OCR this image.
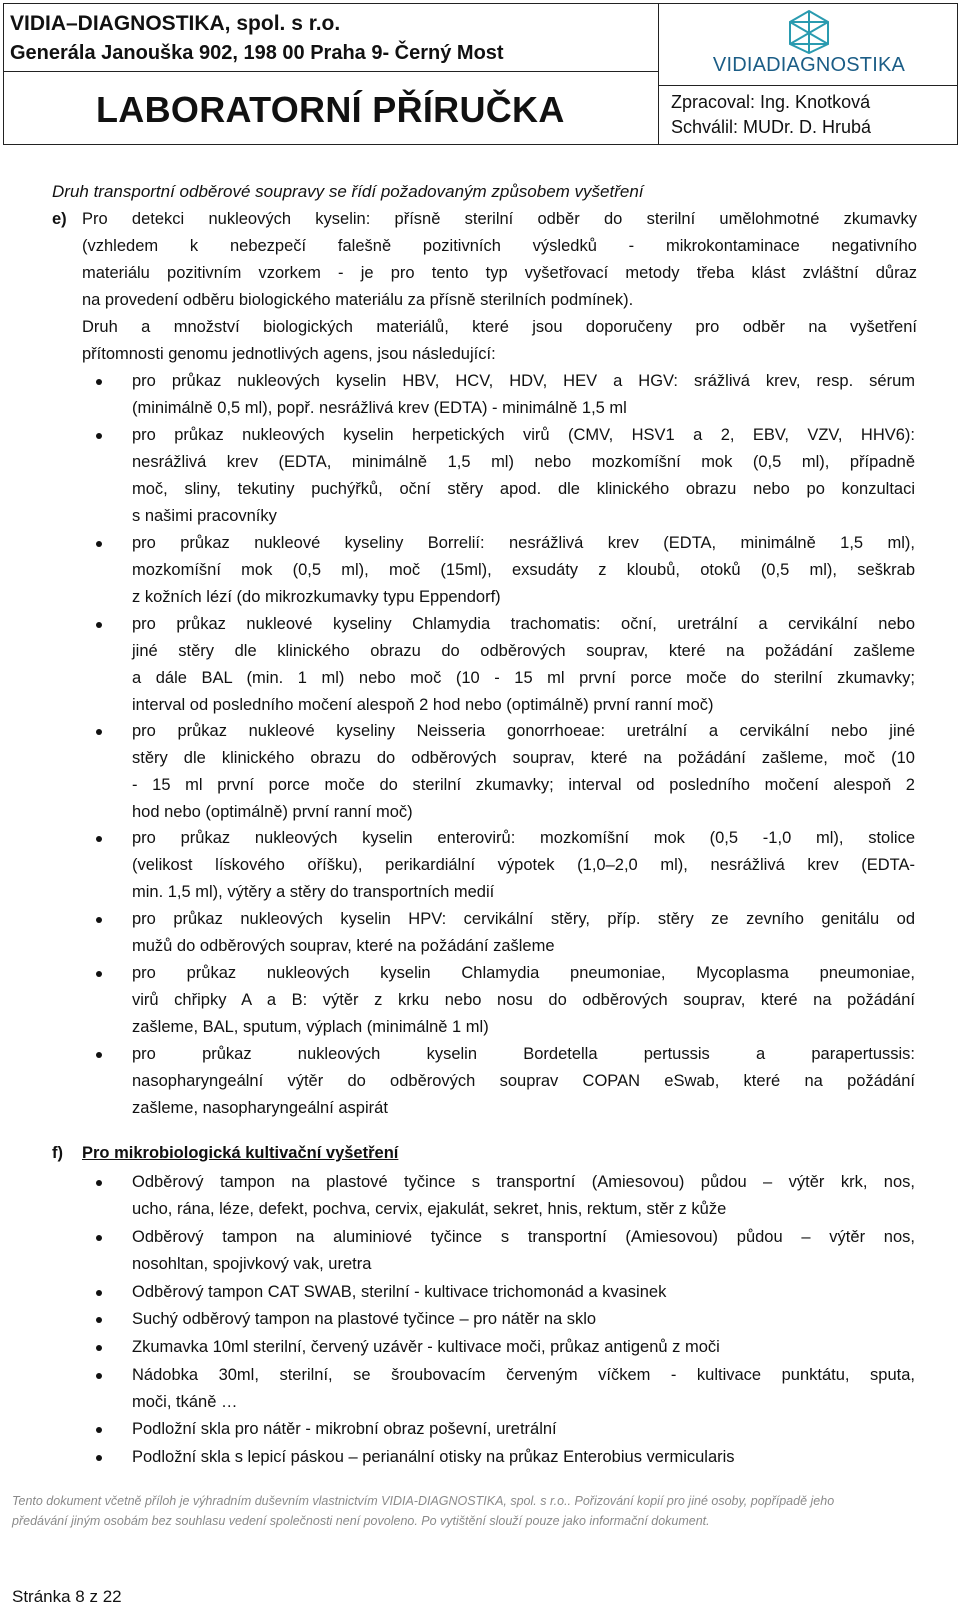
VIDIA–DIAGNOSTIKA, spol. s r.o.
Generála Janouška 902, 198 00 Praha 9- Černý Most
LABORATORNÍ PŘÍRUČKA
VIDIADIAGNOSTIKA
Zpracoval: Ing. Knotková
Schválil: MUDr. D. Hrubá
Druh transportní odběrové soupravy se řídí požadovaným způsobem vyšetření
e) Pro detekci nukleových kyselin: přísně sterilní odběr do sterilní umělohmotné zkumavky
(vzhledem k nebezpečí falešně pozitivních výsledků - mikrokontaminace negativního
materiálu pozitivním vzorkem - je pro tento typ vyšetřovací metody třeba klást zvláštní důraz
na provedení odběru biologického materiálu za přísně sterilních podmínek).
Druh a množství biologických materiálů, které jsou doporučeny pro odběr na vyšetření
přítomnosti genomu jednotlivých agens, jsou následující:
pro průkaz nukleových kyselin HBV, HCV, HDV, HEV a HGV: srážlivá krev, resp. sérum
(minimálně 0,5 ml), popř. nesrážlivá krev (EDTA) - minimálně 1,5 ml
pro průkaz nukleových kyselin herpetických virů (CMV, HSV1 a 2, EBV, VZV, HHV6):
nesrážlivá krev (EDTA, minimálně 1,5 ml) nebo mozkomíšní mok (0,5 ml), případně
moč, sliny, tekutiny puchýřků, oční stěry apod. dle klinického obrazu nebo po konzultaci
s našimi pracovníky
pro průkaz nukleové kyseliny Borrelií: nesrážlivá krev (EDTA, minimálně 1,5 ml),
mozkomíšní mok (0,5 ml), moč (15ml), exsudáty z kloubů, otoků (0,5 ml), seškrab
z kožních lézí (do mikrozkumavky typu Eppendorf)
pro průkaz nukleové kyseliny Chlamydia trachomatis: oční, uretrální a cervikální nebo
jiné stěry dle klinického obrazu do odběrových souprav, které na požádání zašleme
a dále BAL (min. 1 ml) nebo moč (10 - 15 ml první porce moče do sterilní zkumavky;
interval od posledního močení alespoň 2 hod nebo (optimálně) první ranní moč)
pro průkaz nukleové kyseliny Neisseria gonorrhoeae: uretrální a cervikální nebo jiné
stěry dle klinického obrazu do odběrových souprav, které na požádání zašleme, moč (10
- 15 ml první porce moče do sterilní zkumavky; interval od posledního močení alespoň 2
hod nebo (optimálně) první ranní moč)
pro průkaz nukleových kyselin enterovirů: mozkomíšní mok (0,5 -1,0 ml), stolice
(velikost lískového oříšku), perikardiální výpotek (1,0–2,0 ml), nesrážlivá krev (EDTA-
min. 1,5 ml), výtěry a stěry do transportních medií
pro průkaz nukleových kyselin HPV: cervikální stěry, příp. stěry ze zevního genitálu od
mužů do odběrových souprav, které na požádání zašleme
pro průkaz nukleových kyselin Chlamydia pneumoniae, Mycoplasma pneumoniae,
virů chřipky A a B: výtěr z krku nebo nosu do odběrových souprav, které na požádání
zašleme, BAL, sputum, výplach (minimálně 1 ml)
pro průkaz nukleových kyselin Bordetella pertussis a parapertussis:
nasopharyngeální výtěr do odběrových souprav COPAN eSwab, které na požádání
zašleme, nasopharyngeální aspirát
f) Pro mikrobiologická kultivační vyšetření
Odběrový tampon na plastové tyčince s transportní (Amiesovou) půdou – výtěr krk, nos,
ucho, rána, léze, defekt, pochva, cervix, ejakulát, sekret, hnis, rektum, stěr z kůže
Odběrový tampon na aluminiové tyčince s transportní (Amiesovou) půdou – výtěr nos,
nosohltan, spojivkový vak, uretra
Odběrový tampon CAT SWAB, sterilní - kultivace trichomonád a kvasinek
Suchý odběrový tampon na plastové tyčince – pro nátěr na sklo
Zkumavka 10ml sterilní, červený uzávěr - kultivace moči, průkaz antigenů z moči
Nádobka 30ml, sterilní, se šroubovacím červeným víčkem - kultivace punktátu, sputa,
moči, tkáně …
Podložní skla pro nátěr - mikrobní obraz poševní, uretrální
Podložní skla s lepicí páskou – perianální otisky na průkaz Enterobius vermicularis
Tento dokument včetně příloh je výhradním duševním vlastnictvím VIDIA-DIAGNOSTIKA, spol. s r.o.. Pořizování kopií pro jiné osoby, popřípadě jeho
předávání jiným osobám bez souhlasu vedení společnosti není povoleno. Po vytištění slouží pouze jako informační dokument.
Stránka 8 z 22
